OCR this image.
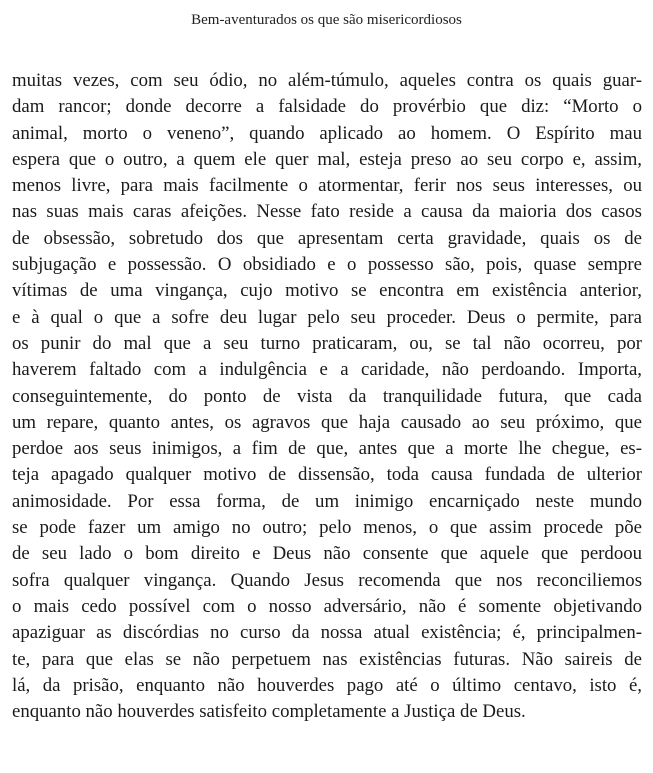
Bem-aventurados os que são misericordiosos
muitas vezes, com seu ódio, no além-túmulo, aqueles contra os quais guar-
dam rancor; donde decorre a falsidade do provérbio que diz: “Morto o
animal, morto o veneno”, quando aplicado ao homem. O Espírito mau
espera que o outro, a quem ele quer mal, esteja preso ao seu corpo e, assim,
menos livre, para mais facilmente o atormentar, ferir nos seus interesses, ou
nas suas mais caras afeições. Nesse fato reside a causa da maioria dos casos
de obsessão, sobretudo dos que apresentam certa gravidade, quais os de
subjugação e possessão. O obsidiado e o possesso são, pois, quase sempre
vítimas de uma vingança, cujo motivo se encontra em existência anterior,
e à qual o que a sofre deu lugar pelo seu proceder. Deus o permite, para
os punir do mal que a seu turno praticaram, ou, se tal não ocorreu, por
haverem faltado com a indulgência e a caridade, não perdoando. Importa,
conseguintemente, do ponto de vista da tranquilidade futura, que cada
um repare, quanto antes, os agravos que haja causado ao seu próximo, que
perdoe aos seus inimigos, a fim de que, antes que a morte lhe chegue, es-
teja apagado qualquer motivo de dissensão, toda causa fundada de ulterior
animosidade. Por essa forma, de um inimigo encarniçado neste mundo
se pode fazer um amigo no outro; pelo menos, o que assim procede põe
de seu lado o bom direito e Deus não consente que aquele que perdoou
sofra qualquer vingança. Quando Jesus recomenda que nos reconciliemos
o mais cedo possível com o nosso adversário, não é somente objetivando
apaziguar as discórdias no curso da nossa atual existência; é, principalmen-
te, para que elas se não perpetuem nas existências futuras. Não saireis de
lá, da prisão, enquanto não houverdes pago até o último centavo, isto é,
enquanto não houverdes satisfeito completamente a Justiça de Deus.
